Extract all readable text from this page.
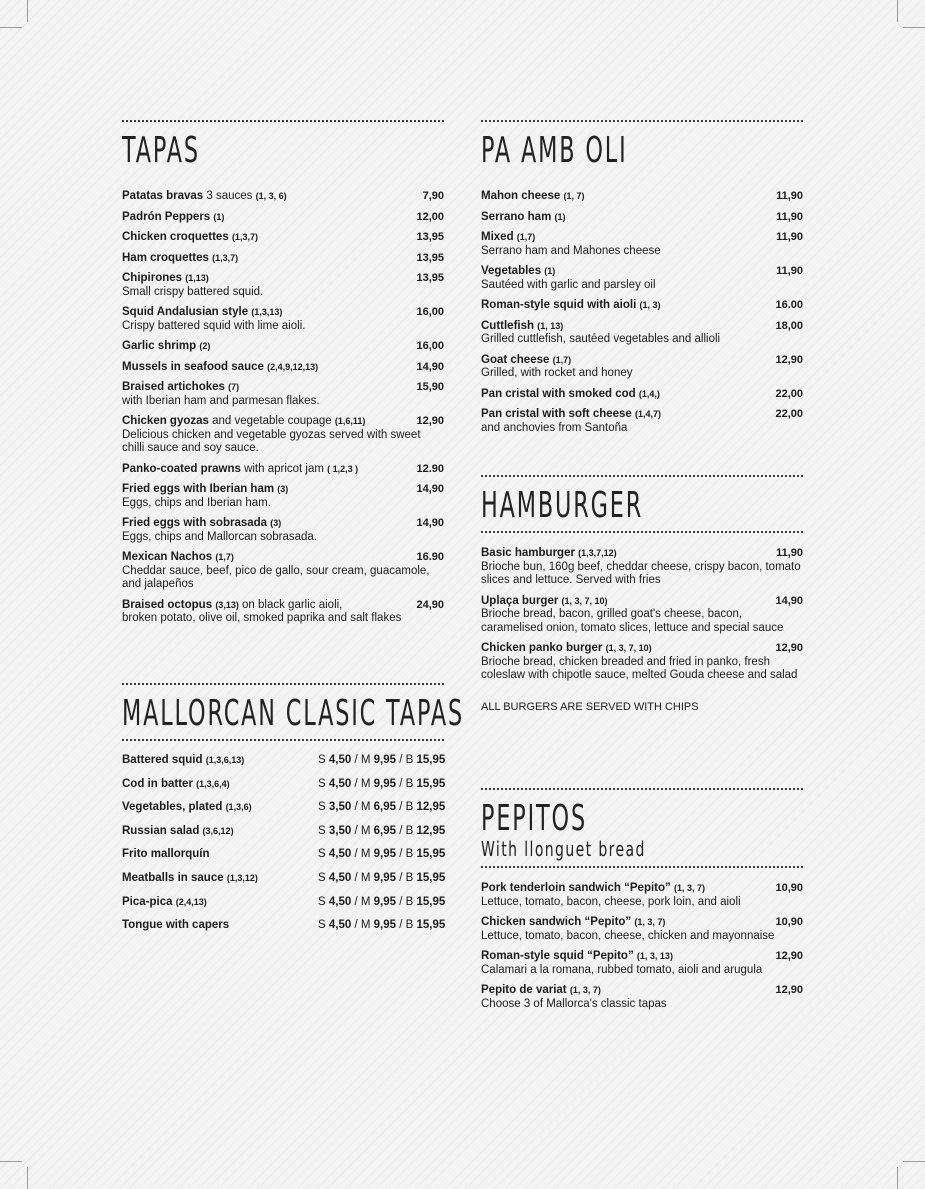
TAPAS
Patatas bravas 3 sauces (1, 3, 6)	7,90
Padrón Peppers (1)	12,00
Chicken croquettes (1,3,7)	13,95
Ham croquettes (1,3,7)	13,95
Chipirones (1,13)	13,95
Small crispy battered squid.
Squid Andalusian style (1,3,13)	16,00
Crispy battered squid with lime aioli.
Garlic shrimp (2)	16,00
Mussels in seafood sauce (2,4,9,12,13)	14,90
Braised artichokes (7)	15,90
with Iberian ham and parmesan flakes.
Chicken gyozas and vegetable coupage (1,6,11)	12,90
Delicious chicken and vegetable gyozas served with sweet chilli sauce and soy sauce.
Panko-coated prawns with apricot jam ( 1,2,3 )	12.90
Fried eggs with Iberian ham (3)	14,90
Eggs, chips and Iberian ham.
Fried eggs with sobrasada (3)	14,90
Eggs, chips and Mallorcan sobrasada.
Mexican Nachos (1,7)	16.90
Cheddar sauce, beef, pico de gallo, sour cream, guacamole, and jalapeños
Braised octopus (3,13) on black garlic aioli,	24,90
broken potato, olive oil, smoked paprika and salt flakes
MALLORCAN CLASIC TAPAS
Battered squid (1,3,6,13)	S 4,50 / M 9,95 / B 15,95
Cod in batter (1,3,6,4)	S 4,50 / M 9,95 / B 15,95
Vegetables, plated (1,3,6)	S 3,50 / M 6,95 / B 12,95
Russian salad (3,6,12)	S 3,50 / M 6,95 / B 12,95
Frito mallorquín	S 4,50 / M 9,95 / B 15,95
Meatballs in sauce (1,3,12)	S 4,50 / M 9,95 / B 15,95
Pica-pica (2,4,13)	S 4,50 / M 9,95 / B 15,95
Tongue with capers	S 4,50 / M 9,95 / B 15,95
PA AMB OLI
Mahon cheese (1, 7)	11,90
Serrano ham (1)	11,90
Mixed (1,7)	11,90
Serrano ham and Mahones cheese
Vegetables (1)	11,90
Sautéed with garlic and parsley oil
Roman-style squid with aioli (1, 3)	16.00
Cuttlefish (1, 13)	18,00
Grilled cuttlefish, sautéed vegetables and allioli
Goat cheese (1,7)	12,90
Grilled, with rocket and honey
Pan cristal with smoked cod (1,4,)	22,00
Pan cristal with soft cheese (1,4,7)	22,00
and anchovies from Santoña
HAMBURGER
Basic hamburger (1,3,7,12)	11,90
Brioche bun, 160g beef, cheddar cheese, crispy bacon, tomato slices and lettuce. Served with fries
Uplaça burger (1, 3, 7, 10)	14,90
Brioche bread, bacon, grilled goat's cheese, bacon, caramelised onion, tomato slices, lettuce and special sauce
Chicken panko burger (1, 3, 7, 10)	12,90
Brioche bread, chicken breaded and fried in panko, fresh coleslaw with chipotle sauce, melted Gouda cheese and salad
ALL BURGERS ARE SERVED WITH CHIPS
PEPITOS
With llonguet bread
Pork tenderloin sandwich “Pepito” (1, 3, 7)	10,90
Lettuce, tomato, bacon, cheese, pork loin, and aioli
Chicken sandwich “Pepito” (1, 3, 7)	10,90
Lettuce, tomato, bacon, cheese, chicken and mayonnaise
Roman-style squid “Pepito” (1, 3, 13)	12,90
Calamari a la romana, rubbed tomato, aioli and arugula
Pepito de variat (1, 3, 7)	12,90
Choose 3 of Mallorca's classic tapas
